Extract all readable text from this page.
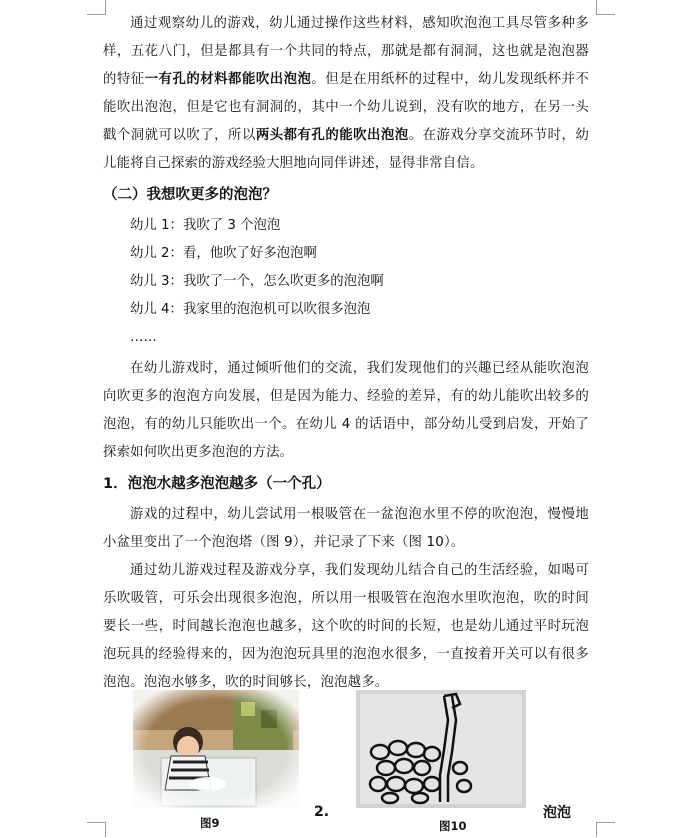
通过观察幼儿的游戏，幼儿通过操作这些材料，感知吹泡泡工具尽管多种多样，五花八门，但是都具有一个共同的特点，那就是都有洞洞，这也就是泡泡器的特征一有孔的材料都能吹出泡泡。但是在用纸杯的过程中，幼儿发现纸杯并不能吹出泡泡，但是它也有洞洞的，其中一个幼儿说到，没有吹的地方，在另一头戳个洞就可以吹了，所以两头都有孔的能吹出泡泡。在游戏分享交流环节时，幼儿能将自己探索的游戏经验大胆地向同伴讲述，显得非常自信。

（二）我想吹更多的泡泡？

幼儿 1：我吹了 3 个泡泡

幼儿 2：看，他吹了好多泡泡啊

幼儿 3：我吹了一个，怎么吹更多的泡泡啊

幼儿 4：我家里的泡泡机可以吹很多泡泡

……

在幼儿游戏时，通过倾听他们的交流，我们发现他们的兴趣已经从能吹泡泡向吹更多的泡泡方向发展，但是因为能力、经验的差异，有的幼儿能吹出较多的泡泡，有的幼儿只能吹出一个。在幼儿 4 的话语中，部分幼儿受到启发，开始了探索如何吹出更多泡泡的方法。

1．泡泡水越多泡泡越多（一个孔）

游戏的过程中，幼儿尝试用一根吸管在一盆泡泡水里不停的吹泡泡，慢慢地小盆里变出了一个泡泡塔（图 9），并记录了下来（图 10）。

通过幼儿游戏过程及游戏分享，我们发现幼儿结合自己的生活经验，如喝可乐吹吸管，可乐会出现很多泡泡，所以用一根吸管在泡泡水里吹泡泡，吹的时间要长一些，时间越长泡泡也越多，这个吹的时间的长短，也是幼儿通过平时玩泡泡玩具的经验得来的，因为泡泡玩具里的泡泡水很多，一直按着开关可以有很多泡泡。泡泡水够多，吹的时间够长，泡泡越多。

图9	图10
2.	泡泡
